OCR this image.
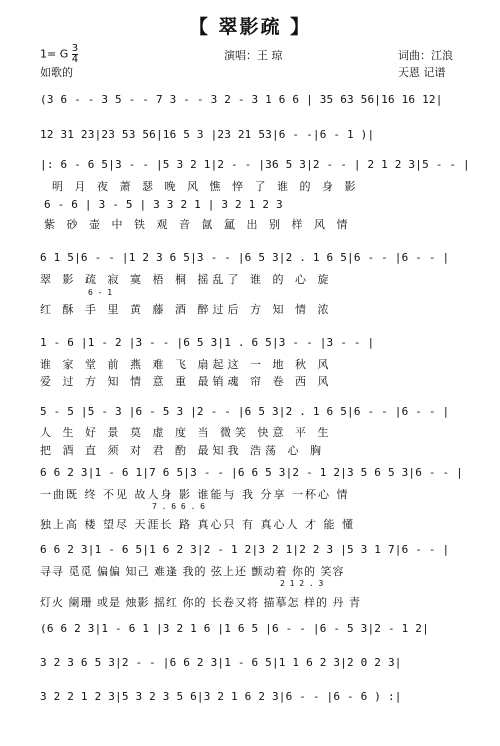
【 翠影疏 】
1= G $\frac{3}{4}$	演唱：王 琼	词曲：江浪
如歌的	天恩 记谱
(3 6 - - 3 5 - - 7 3 - - 3 2 - 3 1 6 6 | 35 63 56|16 16 12|
12 31 23|23 53 56|16 5 3 |23 21 53|6 - -|6 - 1 )|
|: 6 - 6 5|3 - - |5 3 2 1|2 - - |36 5 3|2 - - | 2 1 2 3|5 - - |
明 月 夜 萧 瑟 晚 风 憔 悴 了 谁 的 身 影
6 - 6 | 3 - 5 | 3 3 2 1 | 3 2 1 2 3
紫 砂 壶 中 铁 观 音 氤 氲 出 别 样 风 情
6 1 5|6 - - |1 2 3 6 5|3 - - |6 5 3|2 . 1 6 5|6 - - |6 - - |
翠 影 疏 寂 寞 梧 桐 摇乱了 谁 的 心 旋
6 - 1
红 酥 手 里 黄 藤 酒 醉过后 方 知 情 浓
1 - 6 |1 - 2 |3 - - |6 5 3|1 . 6 5|3 - - |3 - - |
谁 家 堂 前 燕 难 飞 扇起这 一 地 秋 风
爱 过 方 知 情 意 重 最销魂 帘 卷 西 风
5 - 5 |5 - 3 |6 - 5 3 |2 - - |6 5 3|2 . 1 6 5|6 - - |6 - - |
人 生 好 景 莫 虚 度 当 微笑 快意 平 生
把 酒 直 须 对 君 酌 最知我 浩荡 心 胸
6 6 2 3|1 - 6 1|7 6 5|3 - - |6 6 5 3|2 - 1 2|3 5 6 5 3|6 - - |
一曲既 终 不见 故人身 影 谁能与 我 分享 一杯心 情
7 . 6 6 . 6
独上高 楼 望尽 天涯长 路 真心只 有 真心人 才 能 懂
6 6 2 3|1 - 6 5|1 6 2 3|2 - 1 2|3 2 1|2 2 3 |5 3 1 7|6 - - |
寻寻 觅觅 偏偏 知己 难逢 我的 弦上还 颤动着 你的 笑容
2 1 2 . 3
灯火 阑珊 或是 烛影 摇红 你的 长卷又将 描摹怎 样的 丹 青
(6 6 2 3|1 - 6 1 |3 2 1 6 |1 6 5 |6 - - |6 - 5 3|2 - 1 2|
3 2 3 6 5 3|2 - - |6 6 2 3|1 - 6 5|1 1 6 2 3|2 0 2 3|
3 2 2 1 2 3|5 3 2 3 5 6|3 2 1 6 2 3|6 - - |6 - 6 ) :|
